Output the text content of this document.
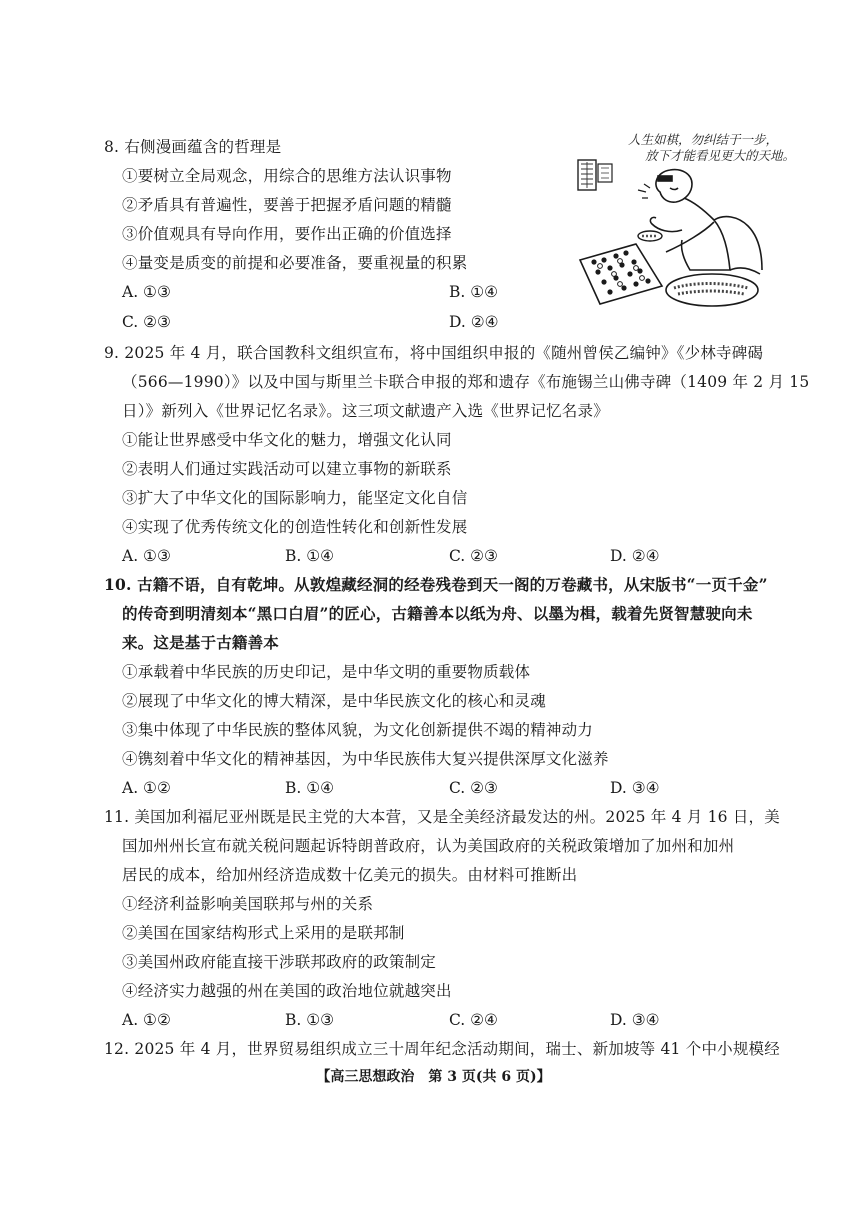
8. 右侧漫画蕴含的哲理是
①要树立全局观念，用综合的思维方法认识事物
②矛盾具有普遍性，要善于把握矛盾问题的精髓
③价值观具有导向作用，要作出正确的价值选择
④量变是质变的前提和必要准备，要重视量的积累
A. ①③	B. ①④
C. ②③	D. ②④
人生如棋，勿纠结于一步，
放下才能看见更大的天地。
9. 2025 年 4 月，联合国教科文组织宣布，将中国组织申报的《随州曾侯乙编钟》《少林寺碑碣
（566—1990）》以及中国与斯里兰卡联合申报的郑和遗存《布施锡兰山佛寺碑（1409 年 2 月 15
日）》新列入《世界记忆名录》。这三项文献遗产入选《世界记忆名录》
①能让世界感受中华文化的魅力，增强文化认同
②表明人们通过实践活动可以建立事物的新联系
③扩大了中华文化的国际影响力，能坚定文化自信
④实现了优秀传统文化的创造性转化和创新性发展
A. ①③	B. ①④	C. ②③	D. ②④
10. 古籍不语，自有乾坤。从敦煌藏经洞的经卷残卷到天一阁的万卷藏书，从宋版书“一页千金”
的传奇到明清刻本“黑口白眉”的匠心，古籍善本以纸为舟、以墨为楫，载着先贤智慧驶向未
来。这是基于古籍善本
①承载着中华民族的历史印记，是中华文明的重要物质载体
②展现了中华文化的博大精深，是中华民族文化的核心和灵魂
③集中体现了中华民族的整体风貌，为文化创新提供不竭的精神动力
④镌刻着中华文化的精神基因，为中华民族伟大复兴提供深厚文化滋养
A. ①②	B. ①④	C. ②③	D. ③④
11. 美国加利福尼亚州既是民主党的大本营，又是全美经济最发达的州。2025 年 4 月 16 日，美
国加州州长宣布就关税问题起诉特朗普政府，认为美国政府的关税政策增加了加州和加州
居民的成本，给加州经济造成数十亿美元的损失。由材料可推断出
①经济利益影响美国联邦与州的关系
②美国在国家结构形式上采用的是联邦制
③美国州政府能直接干涉联邦政府的政策制定
④经济实力越强的州在美国的政治地位就越突出
A. ①②	B. ①③	C. ②④	D. ③④
12. 2025 年 4 月，世界贸易组织成立三十周年纪念活动期间，瑞士、新加坡等 41 个中小规模经
【高三思想政治　第 3 页(共 6 页)】
